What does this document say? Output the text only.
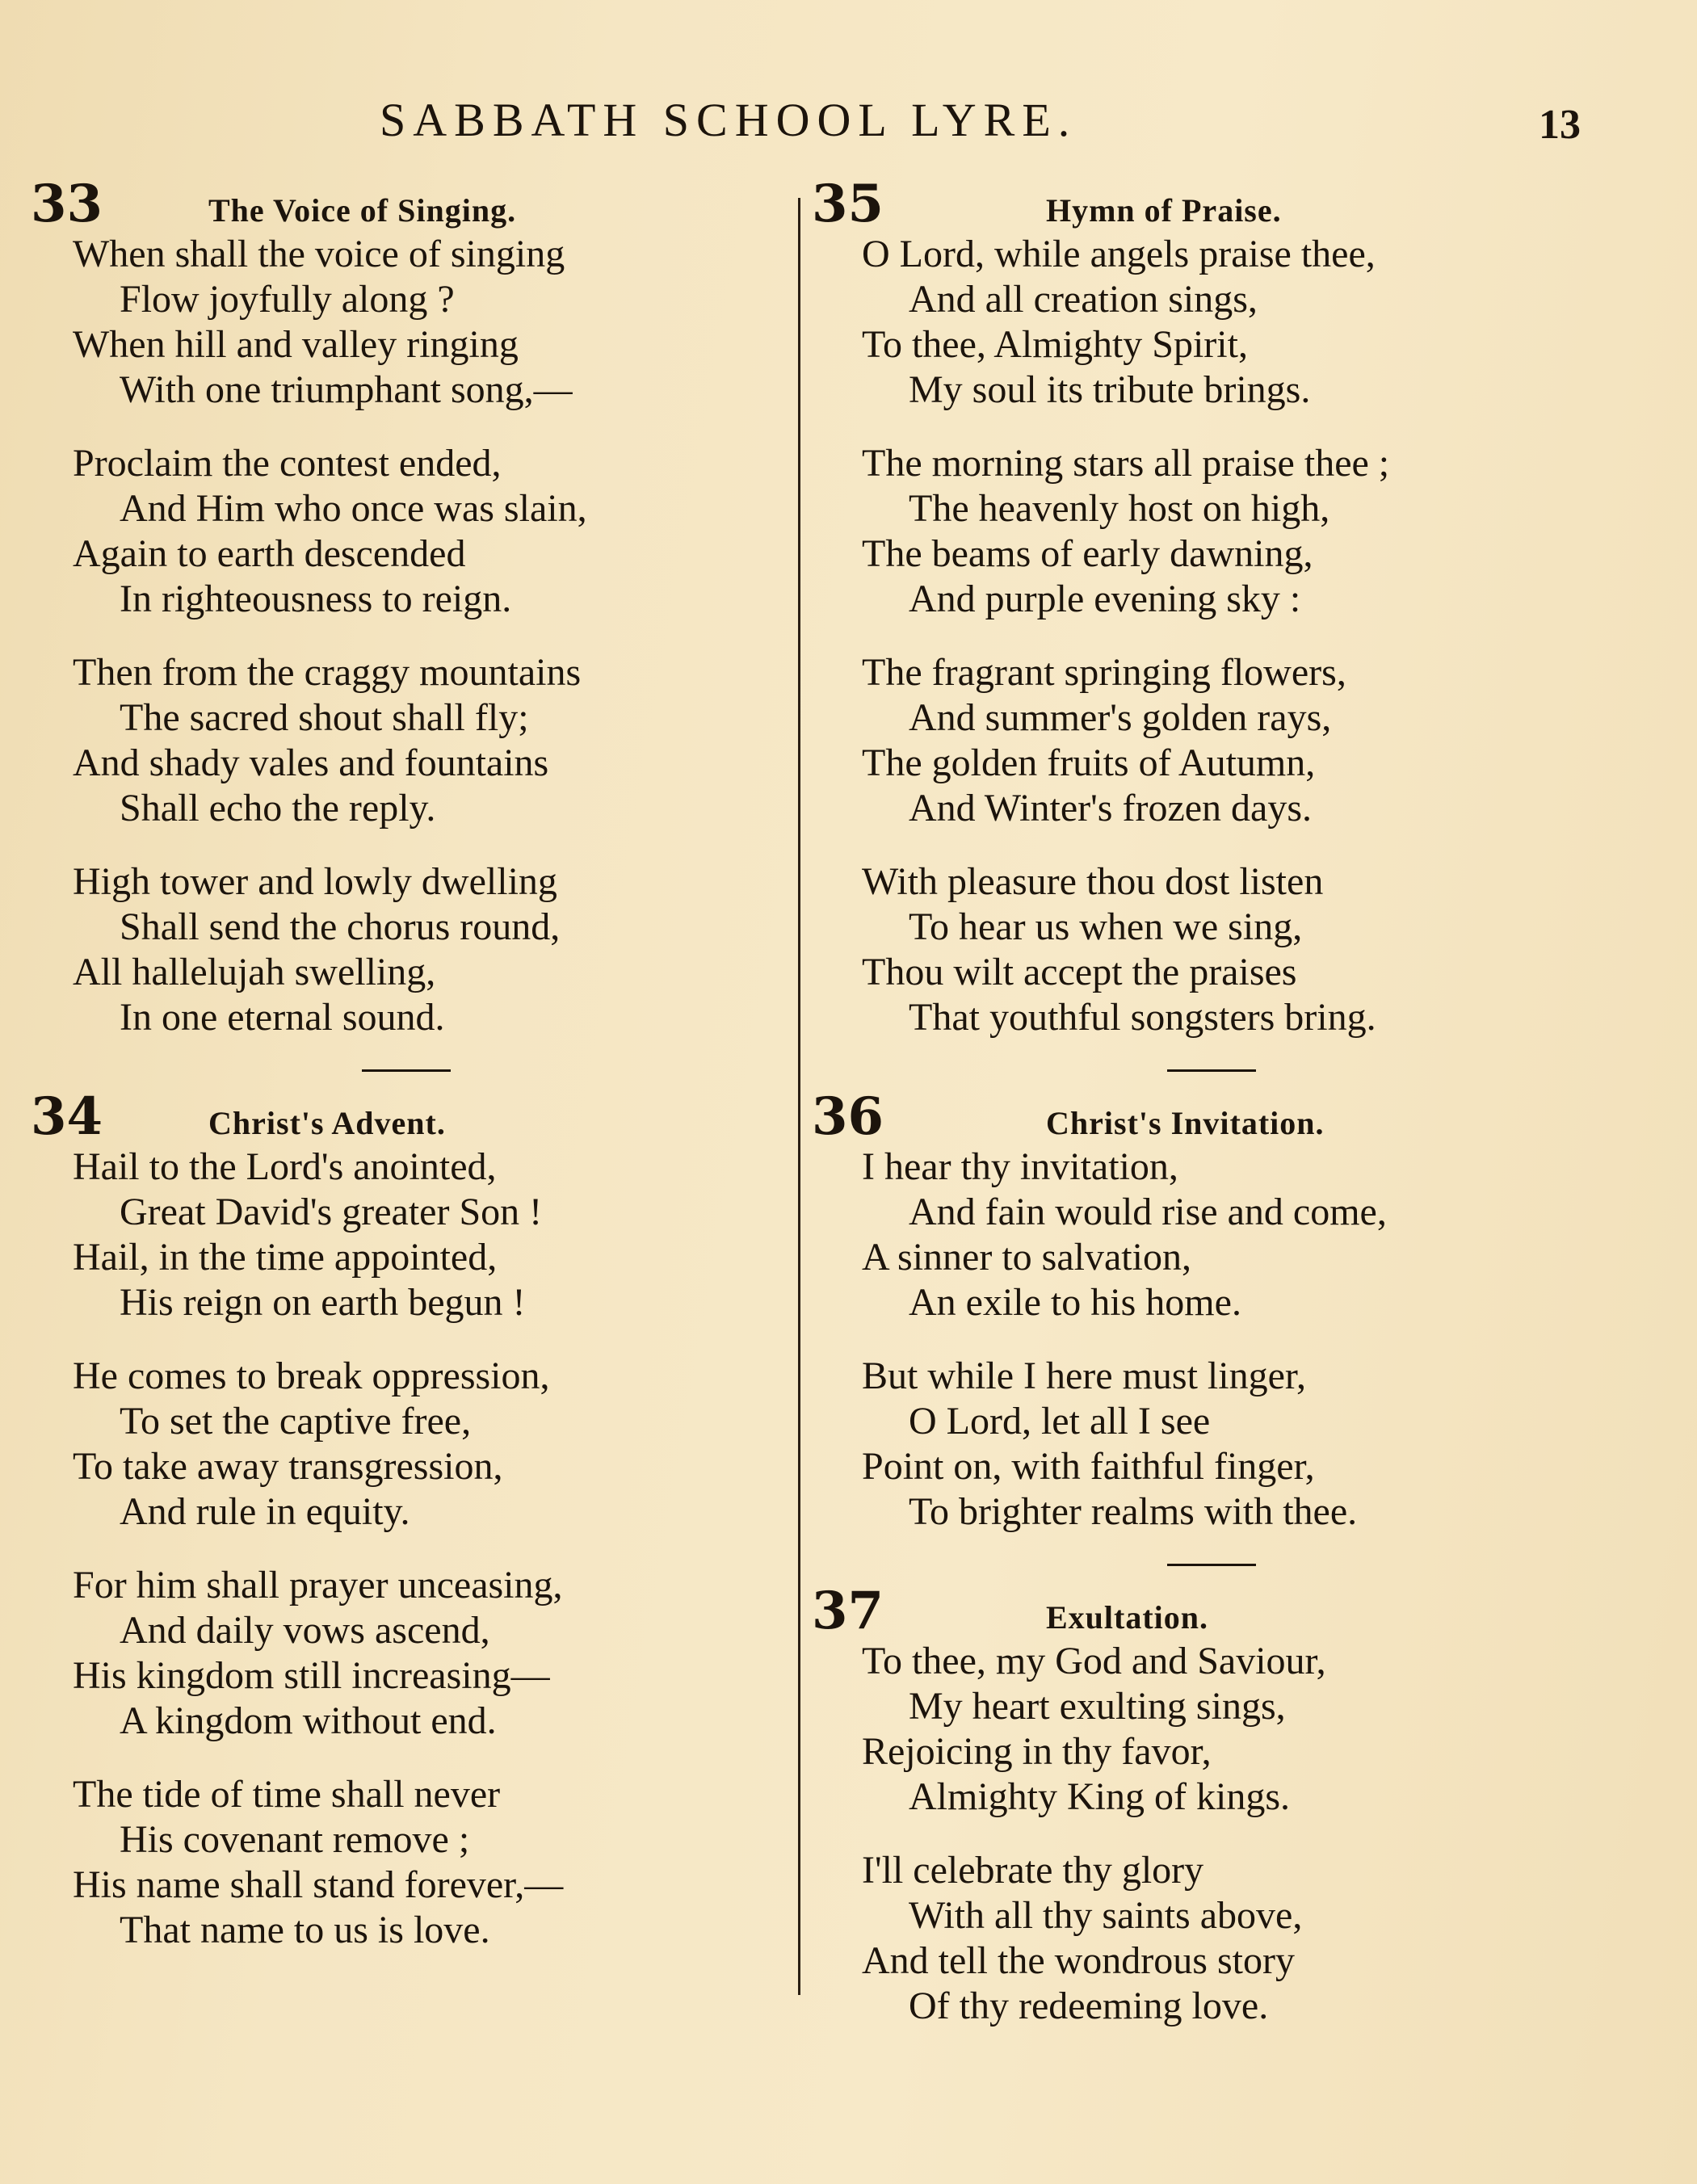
SABBATH SCHOOL LYRE.	13
33	The Voice of Singing.
When shall the voice of singing
Flow joyfully along ?
When hill and valley ringing
With one triumphant song,—
Proclaim the contest ended,
And Him who once was slain,
Again to earth descended
In righteousness to reign.
Then from the craggy mountains
The sacred shout shall fly;
And shady vales and fountains
Shall echo the reply.
High tower and lowly dwelling
Shall send the chorus round,
All hallelujah swelling,
In one eternal sound.
34	Christ's Advent.
Hail to the Lord's anointed,
Great David's greater Son !
Hail, in the time appointed,
His reign on earth begun !
He comes to break oppression,
To set the captive free,
To take away transgression,
And rule in equity.
For him shall prayer unceasing,
And daily vows ascend,
His kingdom still increasing—
A kingdom without end.
The tide of time shall never
His covenant remove ;
His name shall stand forever,—
That name to us is love.
35	Hymn of Praise.
O Lord, while angels praise thee,
And all creation sings,
To thee, Almighty Spirit,
My soul its tribute brings.
The morning stars all praise thee ;
The heavenly host on high,
The beams of early dawning,
And purple evening sky :
The fragrant springing flowers,
And summer's golden rays,
The golden fruits of Autumn,
And Winter's frozen days.
With pleasure thou dost listen
To hear us when we sing,
Thou wilt accept the praises
That youthful songsters bring.
36	Christ's Invitation.
I hear thy invitation,
And fain would rise and come,
A sinner to salvation,
An exile to his home.
But while I here must linger,
O Lord, let all I see
Point on, with faithful finger,
To brighter realms with thee.
37	Exultation.
To thee, my God and Saviour,
My heart exulting sings,
Rejoicing in thy favor,
Almighty King of kings.
I'll celebrate thy glory
With all thy saints above,
And tell the wondrous story
Of thy redeeming love.
